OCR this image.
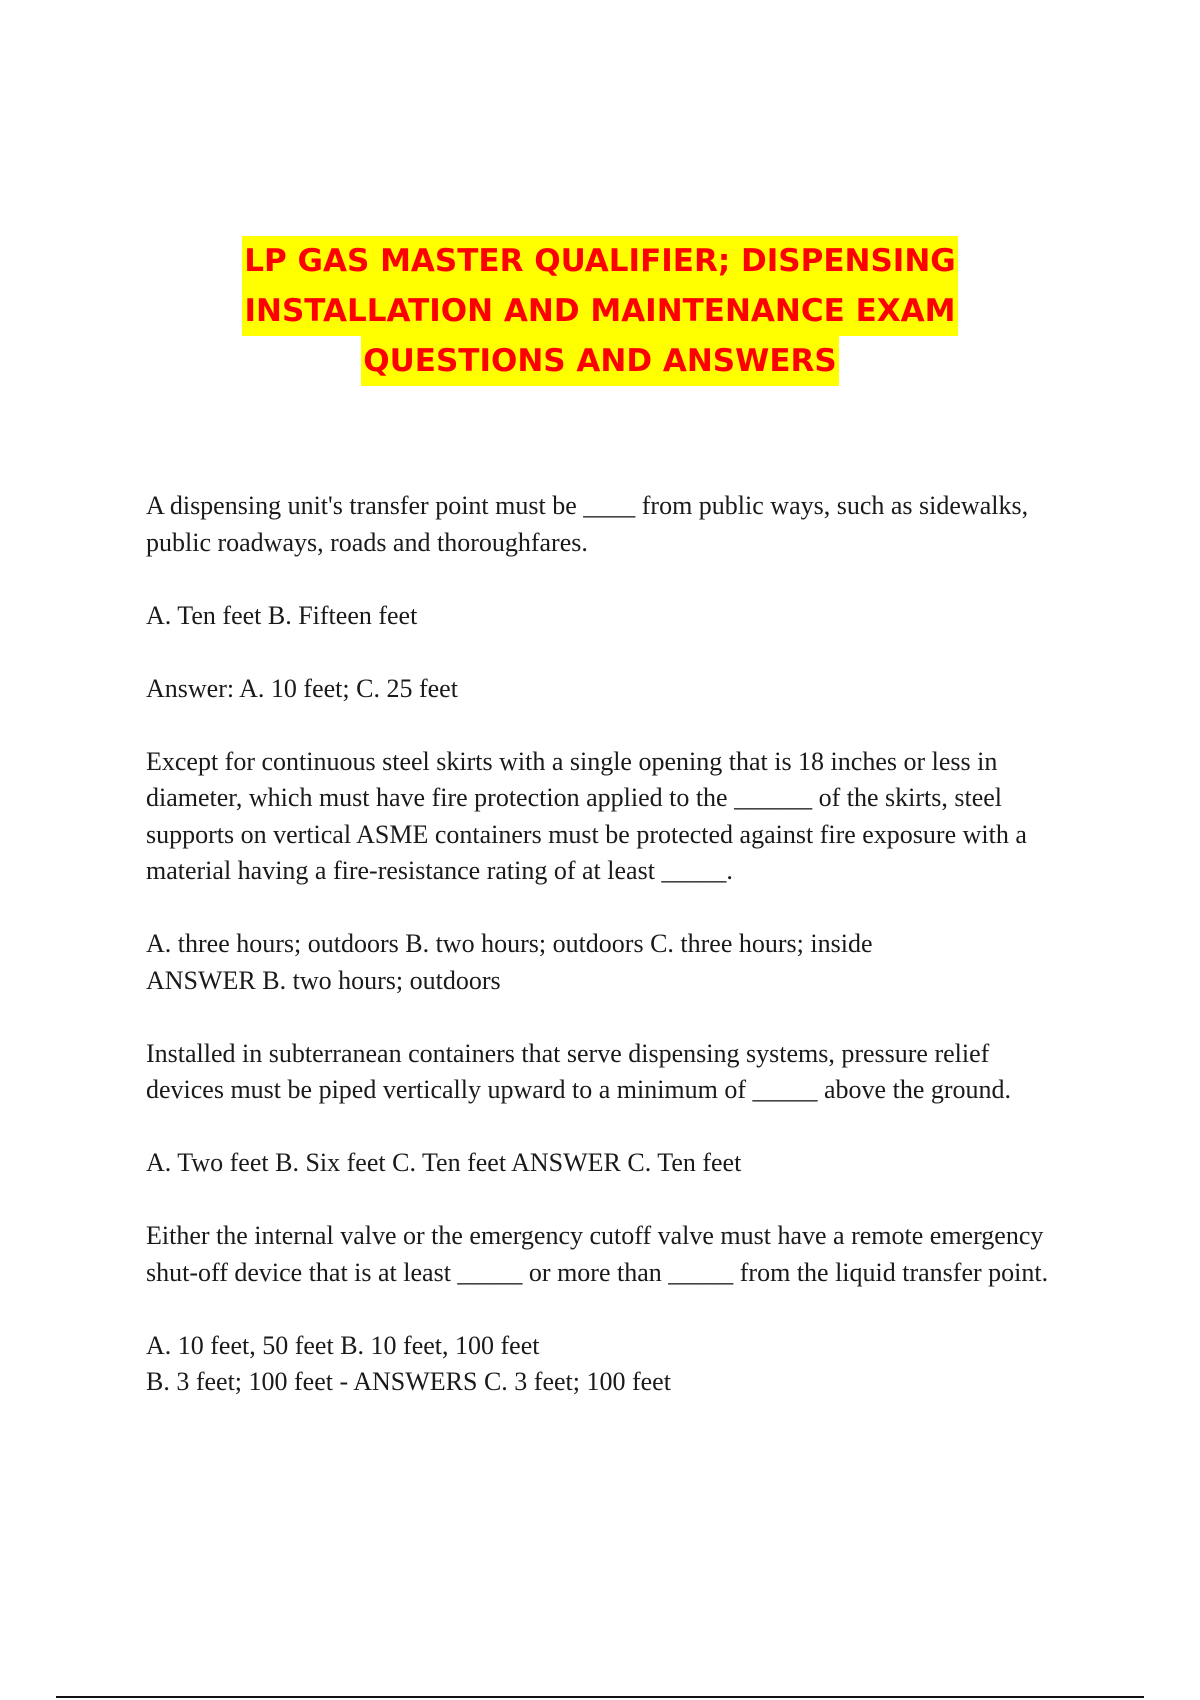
LP GAS MASTER QUALIFIER; DISPENSING
INSTALLATION AND MAINTENANCE EXAM
QUESTIONS AND ANSWERS

A dispensing unit's transfer point must be ____ from public ways, such as sidewalks, public roadways, roads and thoroughfares.

A. Ten feet B. Fifteen feet

Answer: A. 10 feet; C. 25 feet

Except for continuous steel skirts with a single opening that is 18 inches or less in diameter, which must have fire protection applied to the ______ of the skirts, steel supports on vertical ASME containers must be protected against fire exposure with a material having a fire-resistance rating of at least _____.

A. three hours; outdoors B. two hours; outdoors C. three hours; inside

ANSWER B. two hours; outdoors

Installed in subterranean containers that serve dispensing systems, pressure relief devices must be piped vertically upward to a minimum of _____ above the ground.

A. Two feet B. Six feet C. Ten feet ANSWER C. Ten feet

Either the internal valve or the emergency cutoff valve must have a remote emergency shut-off device that is at least _____ or more than _____ from the liquid transfer point.

A. 10 feet, 50 feet B. 10 feet, 100 feet

B. 3 feet; 100 feet - ANSWERS C. 3 feet; 100 feet
